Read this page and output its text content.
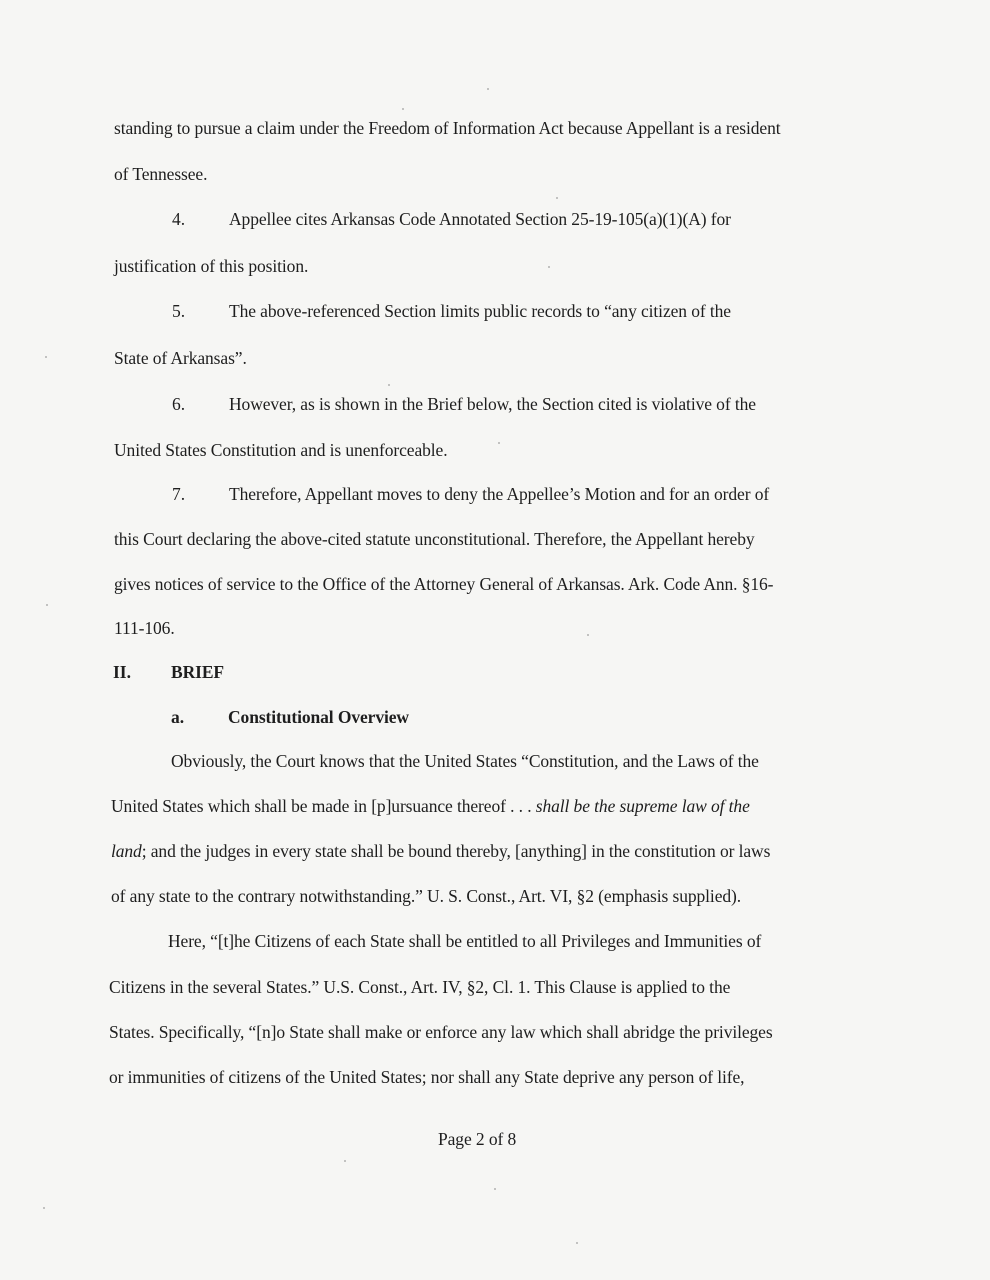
standing to pursue a claim under the Freedom of Information Act because Appellant is a resident
of Tennessee.
4.	Appellee cites Arkansas Code Annotated Section 25-19-105(a)(1)(A) for
justification of this position.
5.	The above-referenced Section limits public records to “any citizen of the
State of Arkansas”.
6.	However, as is shown in the Brief below, the Section cited is violative of the
United States Constitution and is unenforceable.
7.	Therefore, Appellant moves to deny the Appellee’s Motion and for an order of
this Court declaring the above-cited statute unconstitutional. Therefore, the Appellant hereby
gives notices of service to the Office of the Attorney General of Arkansas. Ark. Code Ann. §16-
111-106.
II. BRIEF
a.	Constitutional Overview
Obviously, the Court knows that the United States “Constitution, and the Laws of the
United States which shall be made in [p]ursuance thereof . . . shall be the supreme law of the
land; and the judges in every state shall be bound thereby, [anything] in the constitution or laws
of any state to the contrary notwithstanding.” U. S. Const., Art. VI, §2 (emphasis supplied).
Here, “[t]he Citizens of each State shall be entitled to all Privileges and Immunities of
Citizens in the several States.” U.S. Const., Art. IV, §2, Cl. 1. This Clause is applied to the
States. Specifically, “[n]o State shall make or enforce any law which shall abridge the privileges
or immunities of citizens of the United States; nor shall any State deprive any person of life,
Page 2 of 8
